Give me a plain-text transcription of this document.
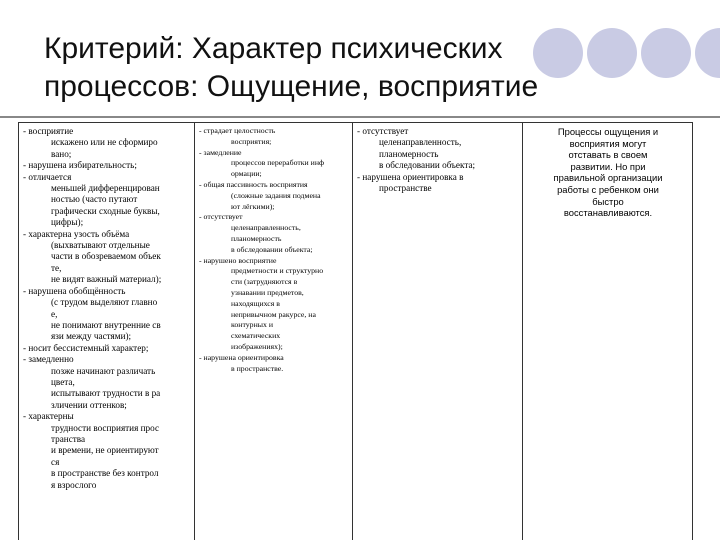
Критерий: Характер психических процессов: Ощущение, восприятие
- восприятие
искажено или не сформиро
вано;
- нарушена избирательность;
- отличается
меньшей дифференцирован
ностью (часто путают
графически сходные буквы,
цифры);
- характерна узость объёма
(выхватывают отдельные
части в обозреваемом объек
те,
не видят важный материал);
- нарушена обобщённость
(с трудом выделяют главно
е,
не понимают внутренние св
язи между частями);
- носит бессистемный характер;
- замедленно
позже начинают различать
цвета,
испытывают трудности в ра
зличении оттенков;
- характерны
трудности восприятия прос
транства
и времени, не ориентируют
ся
в пространстве без контрол
я взрослого

- страдает целостность
восприятия;
- замедление
процессов переработки инф
ормации;
- общая пассивность восприятия
(сложные задания подмена
ют лёгкими);
- отсутствует
целенаправленность,
планомерность
в обследовании объекта;
- нарушено восприятие
предметности и структурно
сти (затрудняются в
узнавании предметов,
находящихся в
непривычном ракурсе, на
контурных и
схематических
изображениях);
- нарушена ориентировка
в пространстве.

- отсутствует
целенаправленность,
планомерность
в обследовании объекта;
- нарушена ориентировка в
пространстве

Процессы ощущения и
восприятия могут
отставать в своем
развитии. Но при
правильной организации
работы с ребенком они
быстро
восстанавливаются.
